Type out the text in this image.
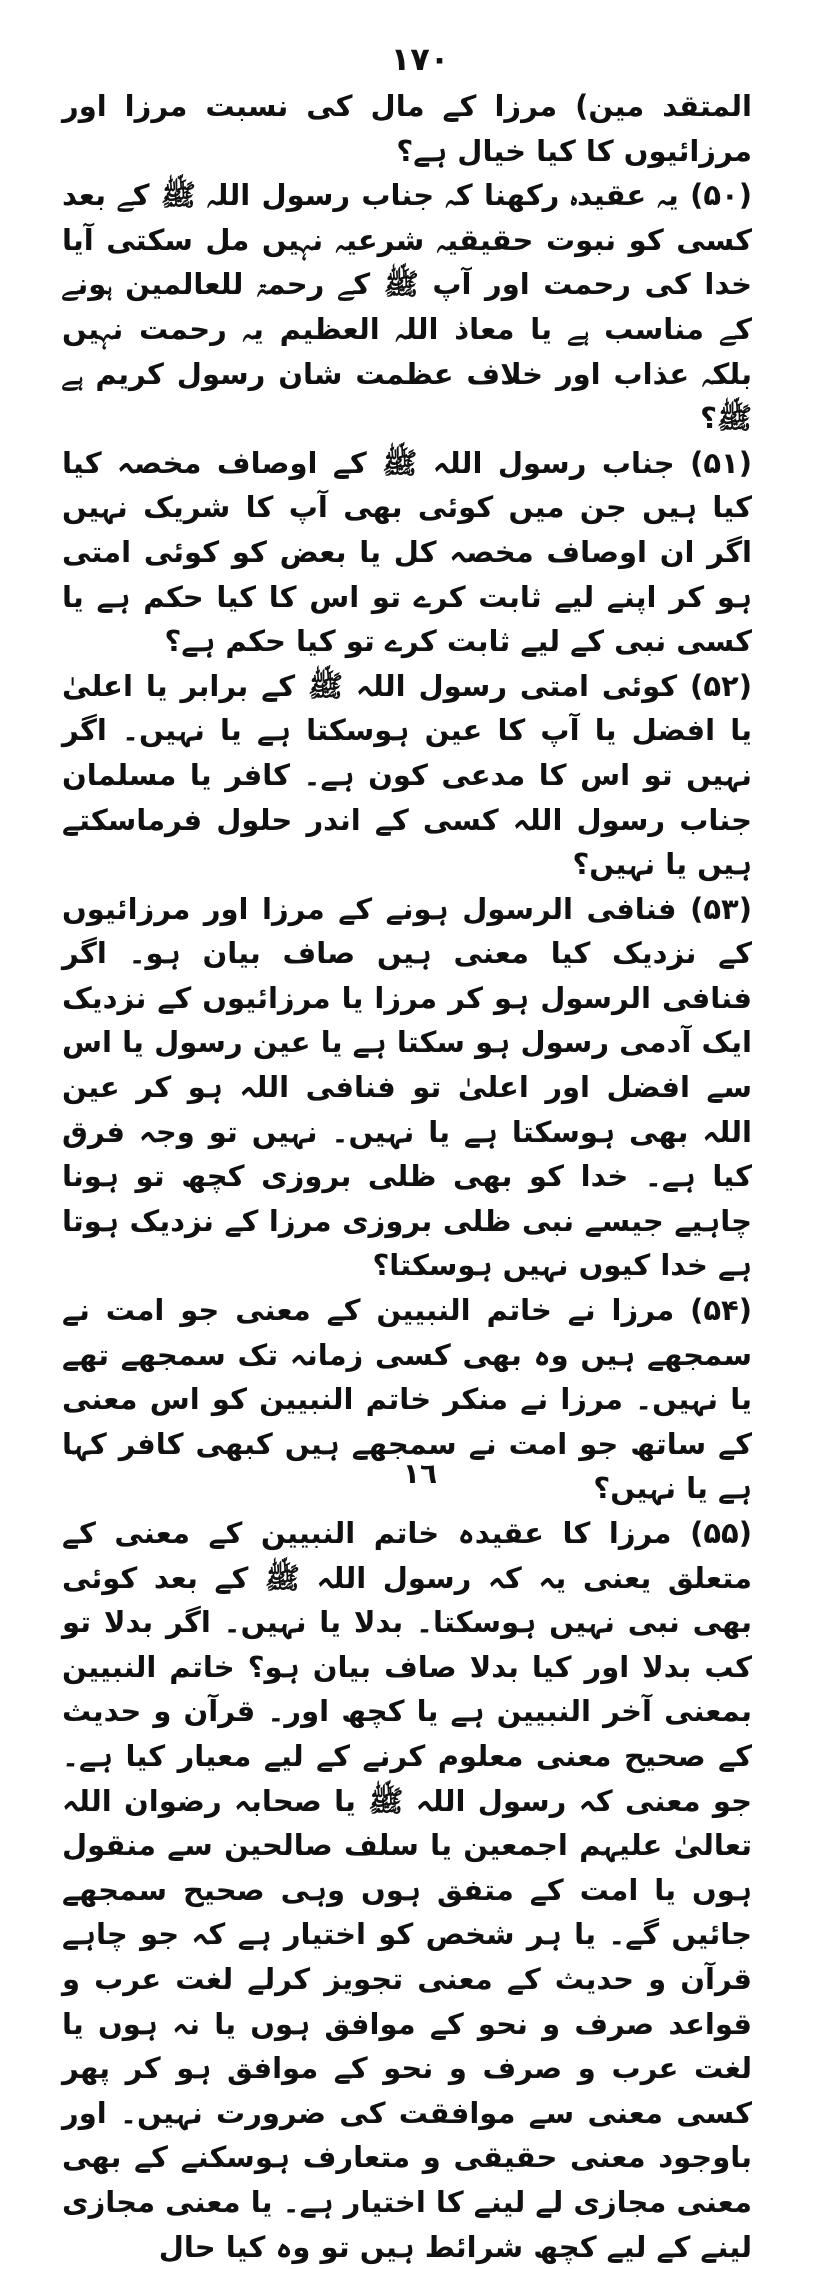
١٧٠

المتقد مین) مرزا کے مال کی نسبت مرزا اور مرزائیوں کا کیا خیال ہے؟

(۵۰) یہ عقیدہ رکھنا کہ جناب رسول اللہ ﷺ کے بعد کسی کو نبوت حقیقیہ شرعیہ نہیں مل سکتی آیا خدا کی رحمت اور آپ ﷺ کے رحمۃ للعالمین ہونے کے مناسب ہے یا معاذ اللہ العظیم یہ رحمت نہیں بلکہ عذاب اور خلاف عظمت شان رسول کریم ہے ﷺ؟

(۵۱) جناب رسول اللہ ﷺ کے اوصاف مخصہ کیا کیا ہیں جن میں کوئی بھی آپ کا شریک نہیں اگر ان اوصاف مخصہ کل یا بعض کو کوئی امتی ہو کر اپنے لیے ثابت کرے تو اس کا کیا حکم ہے یا کسی نبی کے لیے ثابت کرے تو کیا حکم ہے؟

(۵۲) کوئی امتی رسول اللہ ﷺ کے برابر یا اعلیٰ یا افضل یا آپ کا عین ہوسکتا ہے یا نہیں۔ اگر نہیں تو اس کا مدعی کون ہے۔ کافر یا مسلمان جناب رسول اللہ کسی کے اندر حلول فرماسکتے ہیں یا نہیں؟

(۵۳) فنافی الرسول ہونے کے مرزا اور مرزائیوں کے نزدیک کیا معنی ہیں صاف بیان ہو۔ اگر فنافی الرسول ہو کر مرزا یا مرزائیوں کے نزدیک ایک آدمی رسول ہو سکتا ہے یا عین رسول یا اس سے افضل اور اعلیٰ تو فنافی اللہ ہو کر عین اللہ بھی ہوسکتا ہے یا نہیں۔ نہیں تو وجہ فرق کیا ہے۔ خدا کو بھی ظلی بروزی کچھ تو ہونا چاہیے جیسے نبی ظلی بروزی مرزا کے نزدیک ہوتا ہے خدا کیوں نہیں ہوسکتا؟

(۵۴) مرزا نے خاتم النبیین کے معنی جو امت نے سمجھے ہیں وہ بھی کسی زمانہ تک سمجھے تھے یا نہیں۔ مرزا نے منکر خاتم النبیین کو اس معنی کے ساتھ جو امت نے سمجھے ہیں کبھی کافر کہا ہے یا نہیں؟

(۵۵) مرزا کا عقیدہ خاتم النبیین کے معنی کے متعلق یعنی یہ کہ رسول اللہ ﷺ کے بعد کوئی بھی نبی نہیں ہوسکتا۔ بدلا یا نہیں۔ اگر بدلا تو کب بدلا اور کیا بدلا صاف بیان ہو؟ خاتم النبیین بمعنی آخر النبیین ہے یا کچھ اور۔ قرآن و حدیث کے صحیح معنی معلوم کرنے کے لیے معیار کیا ہے۔ جو معنی کہ رسول اللہ ﷺ یا صحابہ رضوان اللہ تعالیٰ علیہم اجمعین یا سلف صالحین سے منقول ہوں یا امت کے متفق ہوں وہی صحیح سمجھے جائیں گے۔ یا ہر شخص کو اختیار ہے کہ جو چاہے قرآن و حدیث کے معنی تجویز کرلے لغت عرب و قواعد صرف و نحو کے موافق ہوں یا نہ ہوں یا لغت عرب و صرف و نحو کے موافق ہو کر پھر کسی معنی سے موافقت کی ضرورت نہیں۔ اور باوجود معنی حقیقی و متعارف ہوسکنے کے بھی معنی مجازی لے لینے کا اختیار ہے۔ یا معنی مجازی لینے کے لیے کچھ شرائط ہیں تو وہ کیا حال

١٦
